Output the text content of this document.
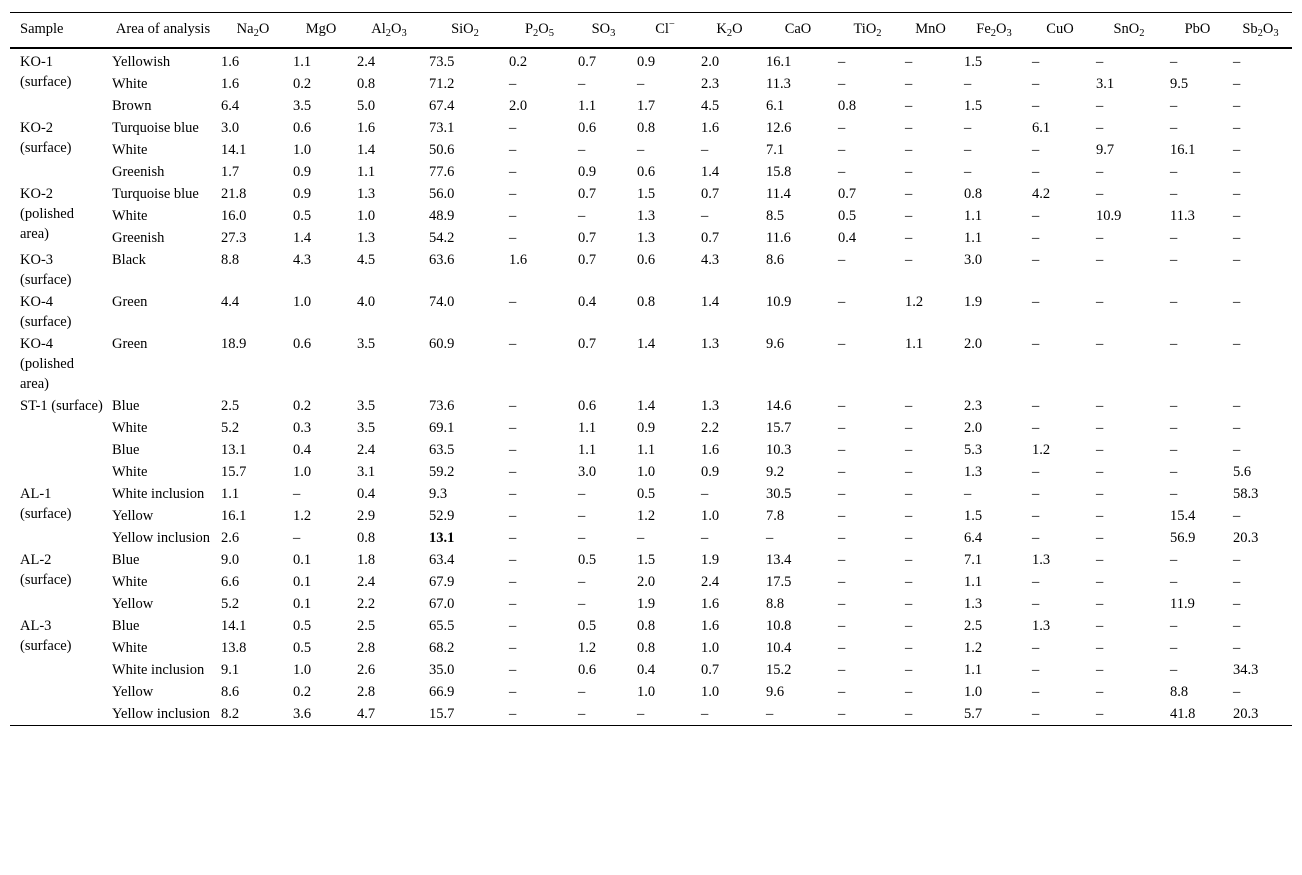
Sample	Area of analysis	$Na_2O$	MgO	$Al_2O_3$	SiO$_2$	$P_2O_5$	$SO_3$	Cl−	$K_2O$	CaO	TiO$_2$	MnO	$Fe_2O_3$	CuO	SnO$_2$	PbO	$Sb_2O_3$
KO-1 (surface)	Yellowish	1.6	1.1	2.4	73.5	0.2	0.7	0.9	2.0	16.1	–	–	1.5	–	–	–	–
	White	1.6	0.2	0.8	71.2	–	–	–	2.3	11.3	–	–	–	–	3.1	9.5	–
	Brown	6.4	3.5	5.0	67.4	2.0	1.1	1.7	4.5	6.1	0.8	–	1.5	–	–	–	–
KO-2 (surface)	Turquoise blue	3.0	0.6	1.6	73.1	–	0.6	0.8	1.6	12.6	–	–	–	6.1	–	–	–
	White	14.1	1.0	1.4	50.6	–	–	–	–	7.1	–	–	–	–	9.7	16.1	–
	Greenish	1.7	0.9	1.1	77.6	–	0.9	0.6	1.4	15.8	–	–	–	–	–	–	–
KO-2 (polished area)	Turquoise blue	21.8	0.9	1.3	56.0	–	0.7	1.5	0.7	11.4	0.7	–	0.8	4.2	–	–	–
	White	16.0	0.5	1.0	48.9	–	–	1.3	–	8.5	0.5	–	1.1	–	10.9	11.3	–
	Greenish	27.3	1.4	1.3	54.2	–	0.7	1.3	0.7	11.6	0.4	–	1.1	–	–	–	–
KO-3 (surface)	Black	8.8	4.3	4.5	63.6	1.6	0.7	0.6	4.3	8.6	–	–	3.0	–	–	–	–
KO-4 (surface)	Green	4.4	1.0	4.0	74.0	–	0.4	0.8	1.4	10.9	–	1.2	1.9	–	–	–	–
KO-4 (polished area)	Green	18.9	0.6	3.5	60.9	–	0.7	1.4	1.3	9.6	–	1.1	2.0	–	–	–	–
ST-1 (surface)	Blue	2.5	0.2	3.5	73.6	–	0.6	1.4	1.3	14.6	–	–	2.3	–	–	–	–
	White	5.2	0.3	3.5	69.1	–	1.1	0.9	2.2	15.7	–	–	2.0	–	–	–	–
	Blue	13.1	0.4	2.4	63.5	–	1.1	1.1	1.6	10.3	–	–	5.3	1.2	–	–	–
	White	15.7	1.0	3.1	59.2	–	3.0	1.0	0.9	9.2	–	–	1.3	–	–	–	5.6
AL-1 (surface)	White inclusion	1.1	–	0.4	9.3	–	–	0.5	–	30.5	–	–	–	–	–	–	58.3
	Yellow	16.1	1.2	2.9	52.9	–	–	1.2	1.0	7.8	–	–	1.5	–	–	15.4	–
	Yellow inclusion	2.6	–	0.8	13.1	–	–	–	–	–	–	–	6.4	–	–	56.9	20.3
AL-2 (surface)	Blue	9.0	0.1	1.8	63.4	–	0.5	1.5	1.9	13.4	–	–	7.1	1.3	–	–	–
	White	6.6	0.1	2.4	67.9	–	–	2.0	2.4	17.5	–	–	1.1	–	–	–	–
	Yellow	5.2	0.1	2.2	67.0	–	–	1.9	1.6	8.8	–	–	1.3	–	–	11.9	–
AL-3 (surface)	Blue	14.1	0.5	2.5	65.5	–	0.5	0.8	1.6	10.8	–	–	2.5	1.3	–	–	–
	White	13.8	0.5	2.8	68.2	–	1.2	0.8	1.0	10.4	–	–	1.2	–	–	–	–
	White inclusion	9.1	1.0	2.6	35.0	–	0.6	0.4	0.7	15.2	–	–	1.1	–	–	–	34.3
	Yellow	8.6	0.2	2.8	66.9	–	–	1.0	1.0	9.6	–	–	1.0	–	–	8.8	–
	Yellow inclusion	8.2	3.6	4.7	15.7	–	–	–	–	–	–	–	5.7	–	–	41.8	20.3
